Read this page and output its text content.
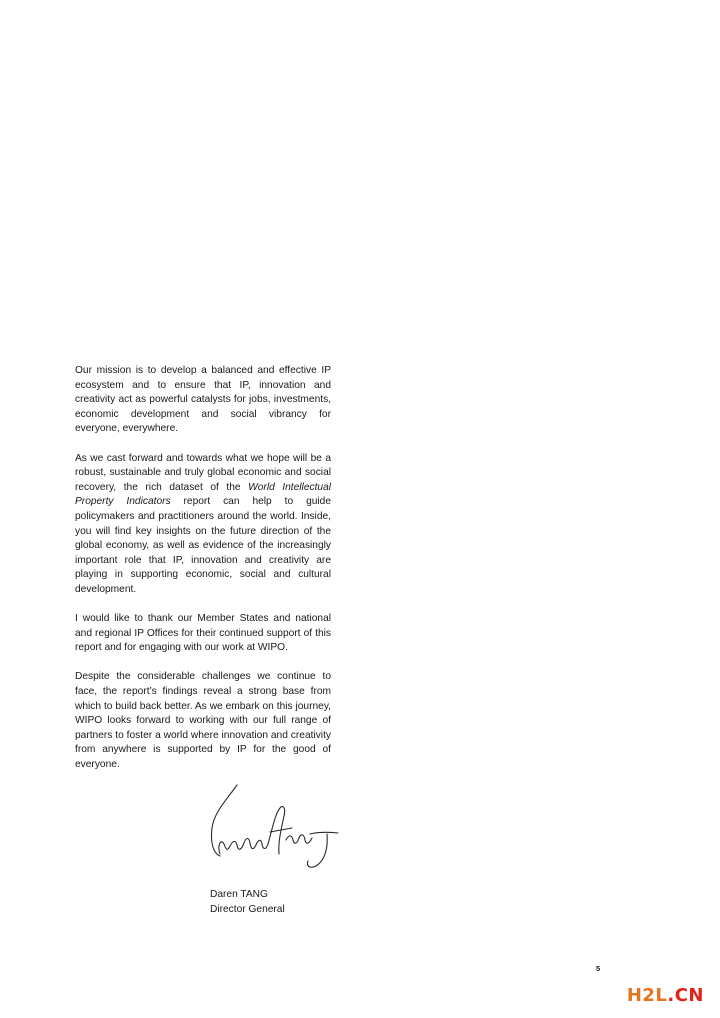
Our mission is to develop a balanced and effective IP ecosystem and to ensure that IP, innovation and creativity act as powerful catalysts for jobs, investments, economic development and social vibrancy for everyone, everywhere.

As we cast forward and towards what we hope will be a robust, sustainable and truly global economic and social recovery, the rich dataset of the World Intellectual Property Indicators report can help to guide policymakers and practitioners around the world. Inside, you will find key insights on the future direction of the global economy, as well as evidence of the increasingly important role that IP, innovation and creativity are playing in supporting economic, social and cultural development.

I would like to thank our Member States and national and regional IP Offices for their continued support of this report and for engaging with our work at WIPO.

Despite the considerable challenges we continue to face, the report’s findings reveal a strong base from which to build back better. As we embark on this journey, WIPO looks forward to working with our full range of partners to foster a world where innovation and creativity from anywhere is supported by IP for the good of everyone.

Daren TANG
Director General
5
H2L.CN
